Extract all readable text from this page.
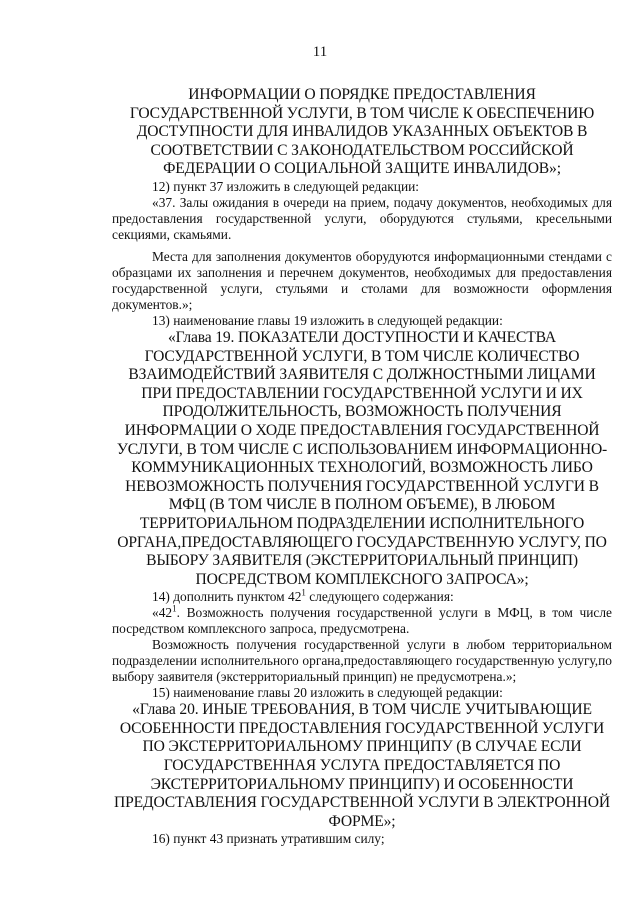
11

ИНФОРМАЦИИ О ПОРЯДКЕ ПРЕДОСТАВЛЕНИЯ ГОСУДАРСТВЕННОЙ УСЛУГИ, В ТОМ ЧИСЛЕ К ОБЕСПЕЧЕНИЮ ДОСТУПНОСТИ ДЛЯ ИНВАЛИДОВ УКАЗАННЫХ ОБЪЕКТОВ В СООТВЕТСТВИИ С ЗАКОНОДАТЕЛЬСТВОМ РОССИЙСКОЙ ФЕДЕРАЦИИ О СОЦИАЛЬНОЙ ЗАЩИТЕ ИНВАЛИДОВ»;

12) пункт 37 изложить в следующей редакции:

«37. Залы ожидания в очереди на прием, подачу документов, необходимых для предоставления государственной услуги, оборудуются стульями, кресельными секциями, скамьями.

Места для заполнения документов оборудуются информационными стендами с образцами их заполнения и перечнем документов, необходимых для предоставления государственной услуги, стульями и столами для возможности оформления документов.»;

13) наименование главы 19 изложить в следующей редакции:

«Глава 19. ПОКАЗАТЕЛИ ДОСТУПНОСТИ И КАЧЕСТВА ГОСУДАРСТВЕННОЙ УСЛУГИ, В ТОМ ЧИСЛЕ КОЛИЧЕСТВО ВЗАИМОДЕЙСТВИЙ ЗАЯВИТЕЛЯ С ДОЛЖНОСТНЫМИ ЛИЦАМИ ПРИ ПРЕДОСТАВЛЕНИИ ГОСУДАРСТВЕННОЙ УСЛУГИ И ИХ ПРОДОЛЖИТЕЛЬНОСТЬ, ВОЗМОЖНОСТЬ ПОЛУЧЕНИЯ ИНФОРМАЦИИ О ХОДЕ ПРЕДОСТАВЛЕНИЯ ГОСУДАРСТВЕННОЙ УСЛУГИ, В ТОМ ЧИСЛЕ С ИСПОЛЬЗОВАНИЕМ ИНФОРМАЦИОННО-КОММУНИКАЦИОННЫХ ТЕХНОЛОГИЙ, ВОЗМОЖНОСТЬ ЛИБО НЕВОЗМОЖНОСТЬ ПОЛУЧЕНИЯ ГОСУДАРСТВЕННОЙ УСЛУГИ В МФЦ (В ТОМ ЧИСЛЕ В ПОЛНОМ ОБЪЕМЕ), В ЛЮБОМ ТЕРРИТОРИАЛЬНОМ ПОДРАЗДЕЛЕНИИ ИСПОЛНИТЕЛЬНОГО ОРГАНА,ПРЕДОСТАВЛЯЮЩЕГО ГОСУДАРСТВЕННУЮ УСЛУГУ, ПО ВЫБОРУ ЗАЯВИТЕЛЯ (ЭКСТЕРРИТОРИАЛЬНЫЙ ПРИНЦИП) ПОСРЕДСТВОМ КОМПЛЕКСНОГО ЗАПРОСА»;

14) дополнить пунктом $42^1$ следующего содержания:

«$42^1$. Возможность получения государственной услуги в МФЦ, в том числе посредством комплексного запроса, предусмотрена.

Возможность получения государственной услуги в любом территориальном подразделении исполнительного органа,предоставляющего государственную услугу,по выбору заявителя (экстерриториальный принцип) не предусмотрена.»;

15) наименование главы 20 изложить в следующей редакции:

«Глава 20. ИНЫЕ ТРЕБОВАНИЯ, В ТОМ ЧИСЛЕ УЧИТЫВАЮЩИЕ ОСОБЕННОСТИ ПРЕДОСТАВЛЕНИЯ ГОСУДАРСТВЕННОЙ УСЛУГИ ПО ЭКСТЕРРИТОРИАЛЬНОМУ ПРИНЦИПУ (В СЛУЧАЕ ЕСЛИ ГОСУДАРСТВЕННАЯ УСЛУГА ПРЕДОСТАВЛЯЕТСЯ ПО ЭКСТЕРРИТОРИАЛЬНОМУ ПРИНЦИПУ) И ОСОБЕННОСТИ ПРЕДОСТАВЛЕНИЯ ГОСУДАРСТВЕННОЙ УСЛУГИ В ЭЛЕКТРОННОЙ ФОРМЕ»;

16) пункт 43 признать утратившим силу;
